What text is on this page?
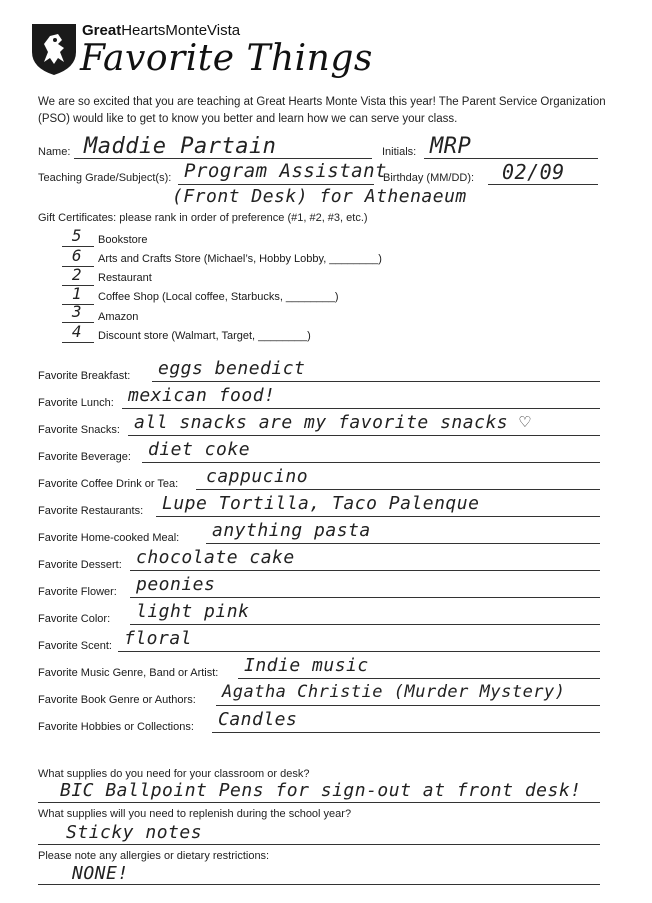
GreatHeartsMonteVista
Favorite Things
We are so excited that you are teaching at Great Hearts Monte Vista this year! The Parent Service Organization (PSO) would like to get to know you better and learn how we can serve your class.
Name: Maddie Partain	Initials: MRP
Teaching Grade/Subject(s): Program Assistant
(Front Desk) for Athenaeum
Birthday (MM/DD): 02/09
Gift Certificates: please rank in order of preference (#1, #2, #3, etc.)
5	Bookstore
6	Arts and Crafts Store (Michael’s, Hobby Lobby, ________)
2	Restaurant
1	Coffee Shop (Local coffee, Starbucks, ________)
3	Amazon
4	Discount store (Walmart, Target, ________)
Favorite Breakfast: eggs benedict
Favorite Lunch: mexican food!
Favorite Snacks: all snacks are my favorite snacks ♡
Favorite Beverage: diet coke
Favorite Coffee Drink or Tea: cappucino
Favorite Restaurants: Lupe Tortilla, Taco Palenque
Favorite Home-cooked Meal: anything pasta
Favorite Dessert: chocolate cake
Favorite Flower: peonies
Favorite Color: light pink
Favorite Scent: floral
Favorite Music Genre, Band or Artist: Indie music
Favorite Book Genre or Authors: Agatha Christie (Murder Mystery)
Favorite Hobbies or Collections: Candles
What supplies do you need for your classroom or desk?
BIC Ballpoint Pens for sign-out at front desk!
What supplies will you need to replenish during the school year?
Sticky notes
Please note any allergies or dietary restrictions:
NONE!
